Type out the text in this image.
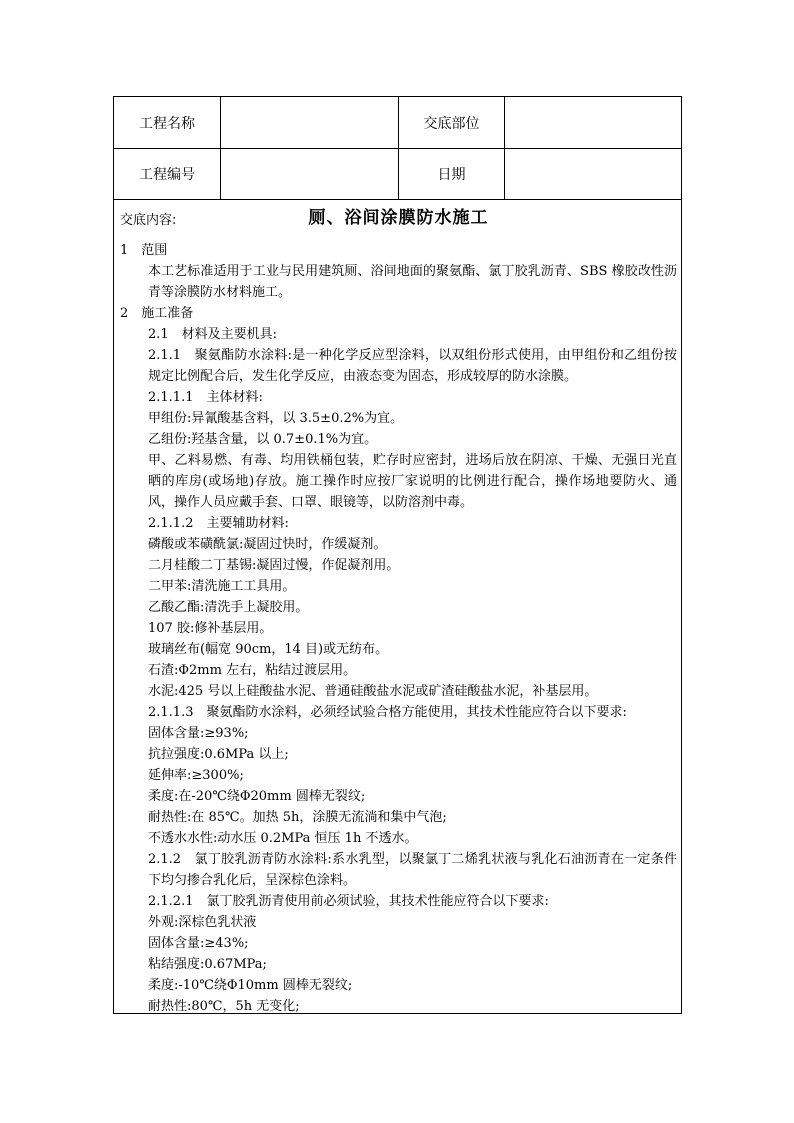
工程名称	交底部位
工程编号	日期
交底内容:	厕、浴间涂膜防水施工
1　范围
本工艺标准适用于工业与民用建筑厕、浴间地面的聚氨酯、氯丁胶乳沥青、SBS 橡胶改性沥青等涂膜防水材料施工。
2　施工准备
2.1　材料及主要机具:
2.1.1　聚氨酯防水涂料:是一种化学反应型涂料，以双组份形式使用，由甲组份和乙组份按规定比例配合后，发生化学反应，由液态变为固态，形成较厚的防水涂膜。
2.1.1.1　主体材料:
甲组份:异氰酸基含料，以 3.5±0.2%为宜。
乙组份:羟基含量，以 0.7±0.1%为宜。
甲、乙料易燃、有毒、均用铁桶包装，贮存时应密封，进场后放在阴凉、干燥、无强日光直晒的库房(或场地)存放。施工操作时应按厂家说明的比例进行配合，操作场地要防火、通风，操作人员应戴手套、口罩、眼镜等，以防溶剂中毒。
2.1.1.2　主要辅助材料:
磷酸或苯磺酰氯:凝固过快时，作缓凝剂。
二月桂酸二丁基锡:凝固过慢，作促凝剂用。
二甲苯:清洗施工工具用。
乙酸乙酯:清洗手上凝胶用。
107 胶:修补基层用。
玻璃丝布(幅宽 90cm，14 目)或无纺布。
石渣:Φ2mm 左右，粘结过渡层用。
水泥:425 号以上硅酸盐水泥、普通硅酸盐水泥或矿渣硅酸盐水泥，补基层用。
2.1.1.3　聚氨酯防水涂料，必须经试验合格方能使用，其技术性能应符合以下要求:
固体含量:≥93%;
抗拉强度:0.6MPa 以上;
延伸率:≥300%;
柔度:在-20℃绕Φ20mm 圆棒无裂纹;
耐热性:在 85℃。加热 5h，涂膜无流淌和集中气泡;
不透水水性:动水压 0.2MPa 恒压 1h 不透水。
2.1.2　氯丁胶乳沥青防水涂料:系水乳型，以聚氯丁二烯乳状液与乳化石油沥青在一定条件下均匀掺合乳化后，呈深棕色涂料。
2.1.2.1　氯丁胶乳沥青使用前必须试验，其技术性能应符合以下要求:
外观:深棕色乳状液
固体含量:≥43%;
粘结强度:0.67MPa;
柔度:-10℃绕Φ10mm 圆棒无裂纹;
耐热性:80℃，5h 无变化;
